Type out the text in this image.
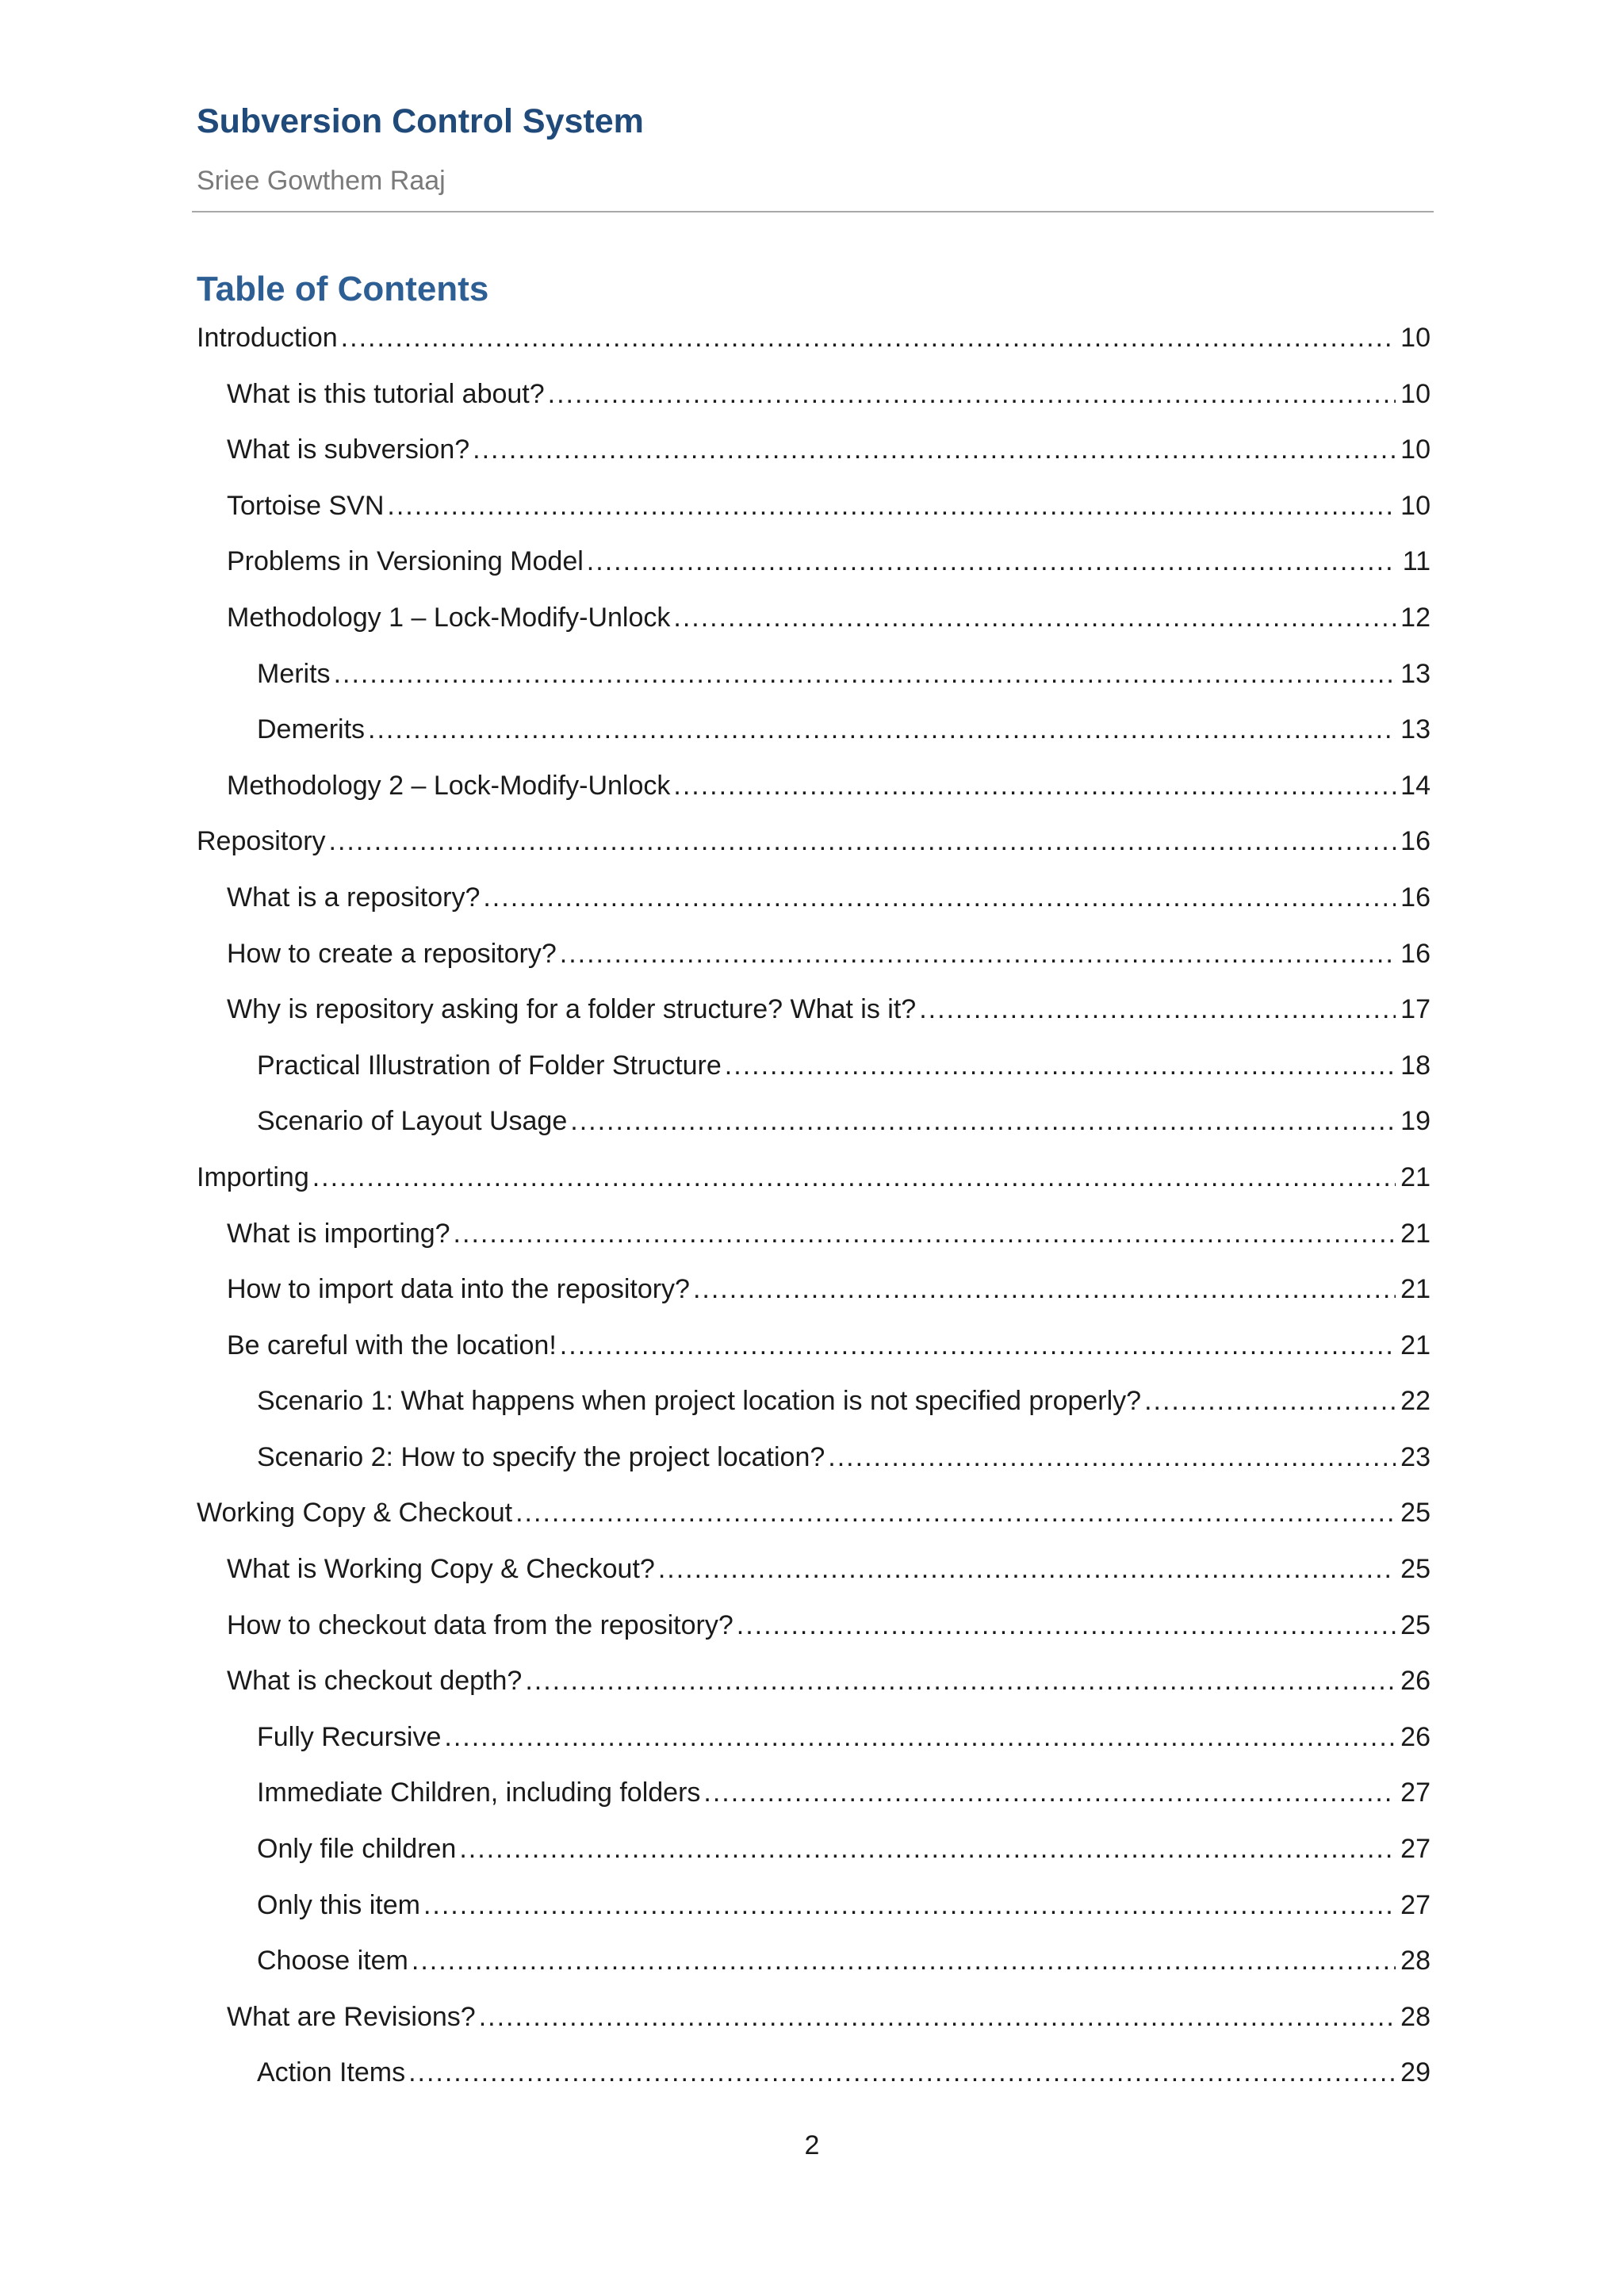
Subversion Control System
Sriee Gowthem Raaj
Table of Contents
Introduction .....	10
What is this tutorial about? .....	10
What is subversion? .....	10
Tortoise SVN .....	10
Problems in Versioning Model .....	11
Methodology 1 – Lock-Modify-Unlock .....	12
Merits .....	13
Demerits .....	13
Methodology 2 – Lock-Modify-Unlock .....	14
Repository .....	16
What is a repository? .....	16
How to create a repository? .....	16
Why is repository asking for a folder structure? What is it? .....	17
Practical Illustration of Folder Structure .....	18
Scenario of Layout Usage .....	19
Importing .....	21
What is importing? .....	21
How to import data into the repository? .....	21
Be careful with the location! .....	21
Scenario 1: What happens when project location is not specified properly? .....	22
Scenario 2: How to specify the project location? .....	23
Working Copy & Checkout .....	25
What is Working Copy & Checkout? .....	25
How to checkout data from the repository? .....	25
What is checkout depth? .....	26
Fully Recursive .....	26
Immediate Children, including folders .....	27
Only file children .....	27
Only this item .....	27
Choose item .....	28
What are Revisions? .....	28
Action Items .....	29
2
